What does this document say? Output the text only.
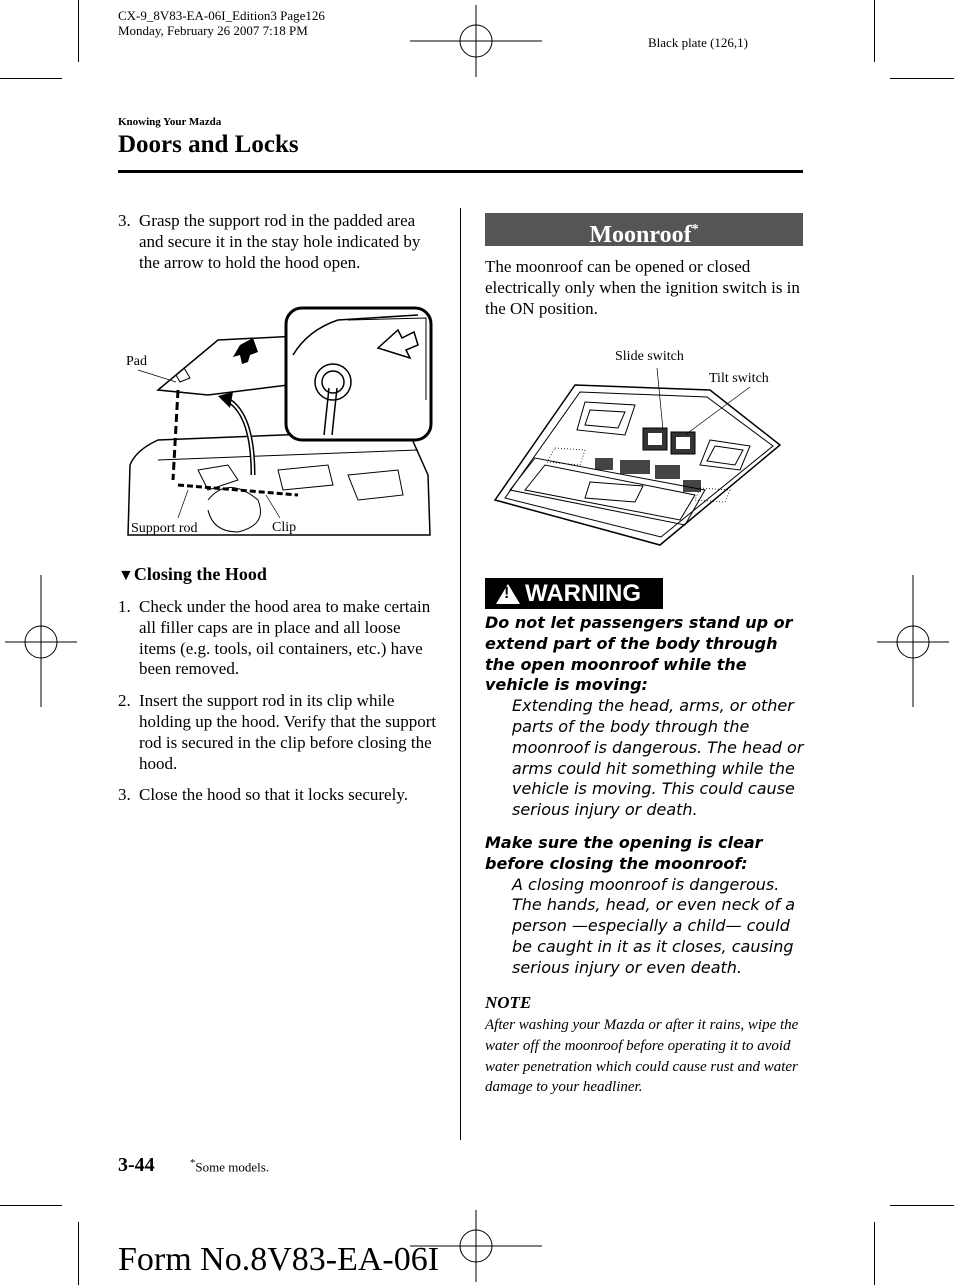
CX-9_8V83-EA-06I_Edition3 Page126
Monday, February 26 2007 7:18 PM
Black plate (126,1)
Knowing Your Mazda
Doors and Locks
3. Grasp the support rod in the padded area and secure it in the stay hole indicated by the arrow to hold the hood open.
Pad
Support rod	Clip
▼Closing the Hood
1. Check under the hood area to make certain all filler caps are in place and all loose items (e.g. tools, oil containers, etc.) have been removed.
2. Insert the support rod in its clip while holding up the hood. Verify that the support rod is secured in the clip before closing the hood.
3. Close the hood so that it locks securely.
Moonroof*
The moonroof can be opened or closed electrically only when the ignition switch is in the ON position.
Slide switch
Tilt switch
! WARNING
Do not let passengers stand up or extend part of the body through the open moonroof while the vehicle is moving:
Extending the head, arms, or other parts of the body through the moonroof is dangerous. The head or arms could hit something while the vehicle is moving. This could cause serious injury or death.
Make sure the opening is clear before closing the moonroof:
A closing moonroof is dangerous. The hands, head, or even neck of a person —especially a child— could be caught in it as it closes, causing serious injury or even death.
NOTE
After washing your Mazda or after it rains, wipe the water off the moonroof before operating it to avoid water penetration which could cause rust and water damage to your headliner.
3-44	*Some models.
Form No.8V83-EA-06I
